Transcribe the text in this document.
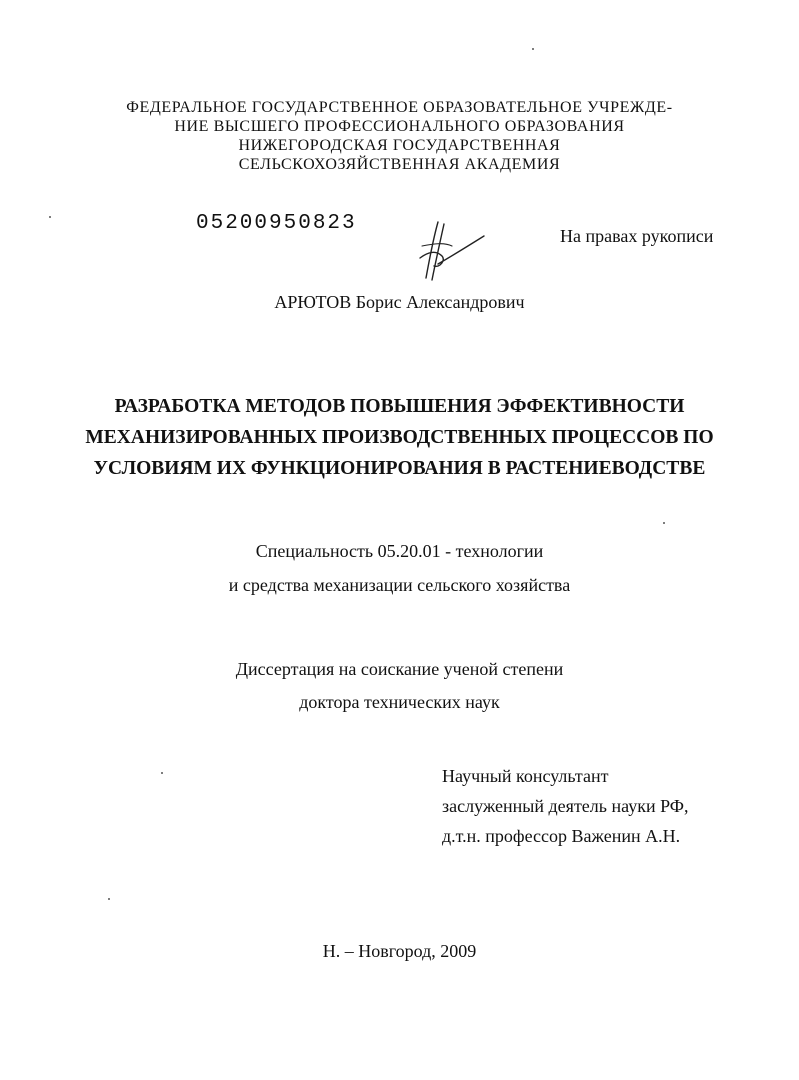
ФЕДЕРАЛЬНОЕ ГОСУДАРСТВЕННОЕ ОБРАЗОВАТЕЛЬНОЕ УЧРЕЖДЕ-
НИЕ ВЫСШЕГО ПРОФЕССИОНАЛЬНОГО ОБРАЗОВАНИЯ
НИЖЕГОРОДСКАЯ ГОСУДАРСТВЕННАЯ
СЕЛЬСКОХОЗЯЙСТВЕННАЯ АКАДЕМИЯ
05200950823
На правах рукописи
АРЮТОВ Борис Александрович
РАЗРАБОТКА МЕТОДОВ ПОВЫШЕНИЯ ЭФФЕКТИВНОСТИ
МЕХАНИЗИРОВАННЫХ ПРОИЗВОДСТВЕННЫХ ПРОЦЕССОВ ПО
УСЛОВИЯМ ИХ ФУНКЦИОНИРОВАНИЯ В РАСТЕНИЕВОДСТВЕ
Специальность 05.20.01 - технологии
и средства механизации сельского хозяйства
Диссертация на соискание ученой степени
доктора технических наук
Научный консультант
заслуженный деятель науки РФ,
д.т.н. профессор Важенин А.Н.
Н. – Новгород, 2009
